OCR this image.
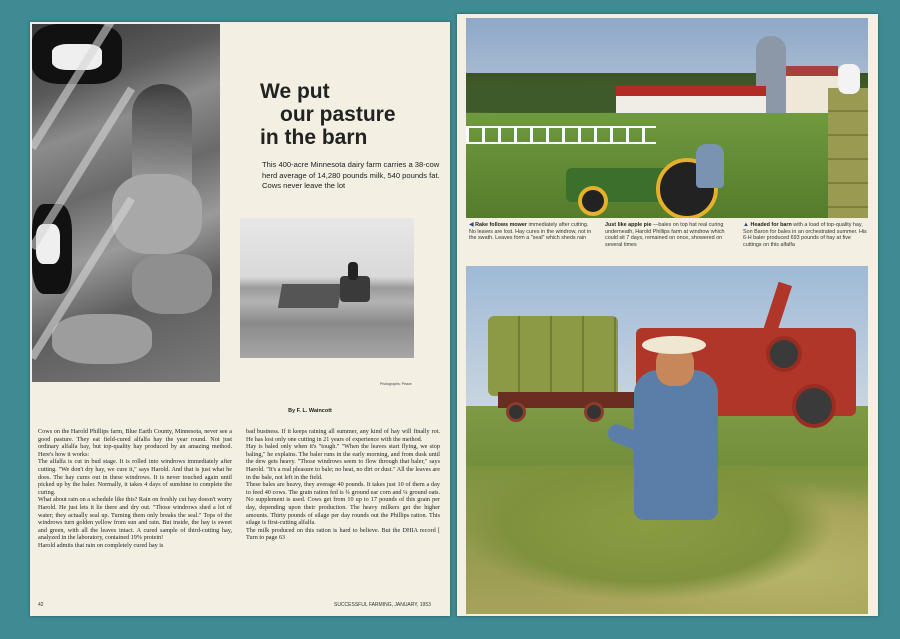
We put
our pasture
in the barn
This 400-acre Minnesota dairy farm carries a 38-cow herd average of 14,280 pounds milk, 540 pounds fat. Cows never leave the lot
Photographs: Peace
By F. L. Waincott
Cows on the Harold Phillips farm, Blue Earth County, Minnesota, never see a good pasture. They eat field-cured alfalfa hay the year round. Not just ordinary alfalfa hay, but top-quality hay produced by an amazing method. Here's how it works:
The alfalfa is cut in bud stage. It is rolled into windrows immediately after cutting. "We don't dry hay, we cure it," says Harold. And that is just what he does. The hay cures out in these windrows. It is never touched again until picked up by the baler. Normally, it takes 4 days of sunshine to complete the curing.
What about rain on a schedule like this? Rain on freshly cut hay doesn't worry Harold. He just lets it lie there and dry out. "Those windrows shed a lot of water; they actually seal up. Turning them only breaks the seal." Tops of the windrows turn golden yellow from sun and rain. But inside, the hay is sweet and green, with all the leaves intact. A cured sample of third-cutting hay, analyzed in the laboratory, contained 19% protein!
Harold admits that rain on completely cured hay is
bad business. If it keeps raining all summer, any kind of hay will finally rot. He has lost only one cutting in 21 years of experience with the method.
Hay is baled only when it's "tough." "When the leaves start flying, we stop baling," he explains. The baler runs in the early morning, and from dusk until the dew gets heavy. "Those windrows seem to flow through that baler," says Harold. "It's a real pleasure to bale; no heat, no dirt or dust." All the leaves are in the bale, not left in the field.
These bales are heavy, they average 40 pounds. It takes just 10 of them a day to feed 40 cows. The grain ration fed is ¾ ground ear corn and ¼ ground oats. No supplement is used. Cows get from 10 up to 17 pounds of this grain per day, depending upon their production. The heavy milkers get the higher amounts. Thirty pounds of silage per day rounds out the Phillips ration. This silage is first-cutting alfalfa.
The milk produced on this ration is hard to believe. But the DHIA record [ Turn to page 63
42	SUCCESSFUL FARMING, JANUARY, 1953
◀ Rake follows mower immediately after cutting. No leaves are lost. Hay cures in the windrow, not in the swath. Leaves form a "seal" which sheds rain
Just like apple pie —bales on top hat real curing underneath, Harold Phillips farm at windrow which could sit 7 days, remained on once, showered on several times
▲ Headed for barn with a load of top-quality hay, Son Baron for bales in an orchestrated summer. His 6-H baler produced 693 pounds of hay at five cuttings on this alfalfa
